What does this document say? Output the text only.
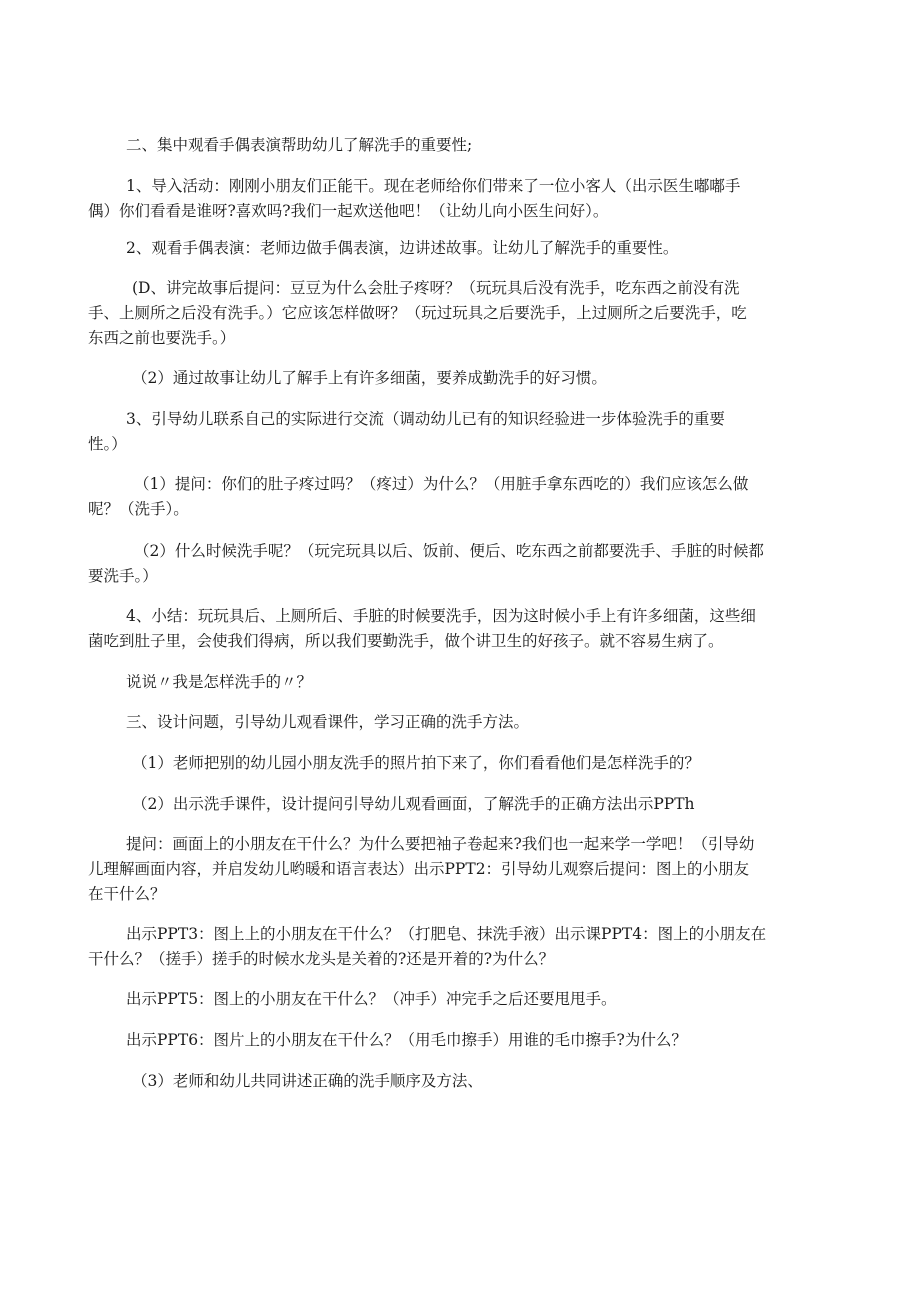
二、集中观看手偶表演帮助幼儿了解洗手的重要性;
1、导入活动：刚刚小朋友们正能干。现在老师给你们带来了一位小客人（出示医生嘟嘟手
偶）你们看看是谁呀?喜欢吗?我们一起欢送他吧！（让幼儿向小医生问好）。
2、观看手偶表演：老师边做手偶表演，边讲述故事。让幼儿了解洗手的重要性。
(D、讲完故事后提问：豆豆为什么会肚子疼呀？（玩玩具后没有洗手，吃东西之前没有洗
手、上厕所之后没有洗手。）它应该怎样做呀？（玩过玩具之后要洗手，上过厕所之后要洗手，吃
东西之前也要洗手。）
（2）通过故事让幼儿了解手上有许多细菌，要养成勤洗手的好习惯。
3、引导幼儿联系自己的实际进行交流（调动幼儿已有的知识经验进一步体验洗手的重要
性。）
（1）提问：你们的肚子疼过吗？（疼过）为什么？（用脏手拿东西吃的）我们应该怎么做
呢？（洗手）。
（2）什么时候洗手呢？（玩完玩具以后、饭前、便后、吃东西之前都要洗手、手脏的时候都
要洗手。）
4、小结：玩玩具后、上厕所后、手脏的时候要洗手，因为这时候小手上有许多细菌，这些细
菌吃到肚子里，会使我们得病，所以我们要勤洗手，做个讲卫生的好孩子。就不容易生病了。
说说〃我是怎样洗手的〃？
三、设计问题，引导幼儿观看课件，学习正确的洗手方法。
（1）老师把别的幼儿园小朋友洗手的照片拍下来了，你们看看他们是怎样洗手的？
（2）出示洗手课件，设计提问引导幼儿观看画面，了解洗手的正确方法出示PPTh
提问：画面上的小朋友在干什么？为什么要把袖子卷起来?我们也一起来学一学吧！（引导幼
儿理解画面内容，并启发幼儿哟暖和语言表达）出示PPT2：引导幼儿观察后提问：图上的小朋友
在干什么？
出示PPT3：图上上的小朋友在干什么？（打肥皂、抹洗手液）出示课PPT4：图上的小朋友在
干什么？（搓手）搓手的时候水龙头是关着的?还是开着的?为什么？
出示PPT5：图上的小朋友在干什么？（冲手）冲完手之后还要甩甩手。
出示PPT6：图片上的小朋友在干什么？（用毛巾擦手）用谁的毛巾擦手?为什么？
（3）老师和幼儿共同讲述正确的洗手顺序及方法、
